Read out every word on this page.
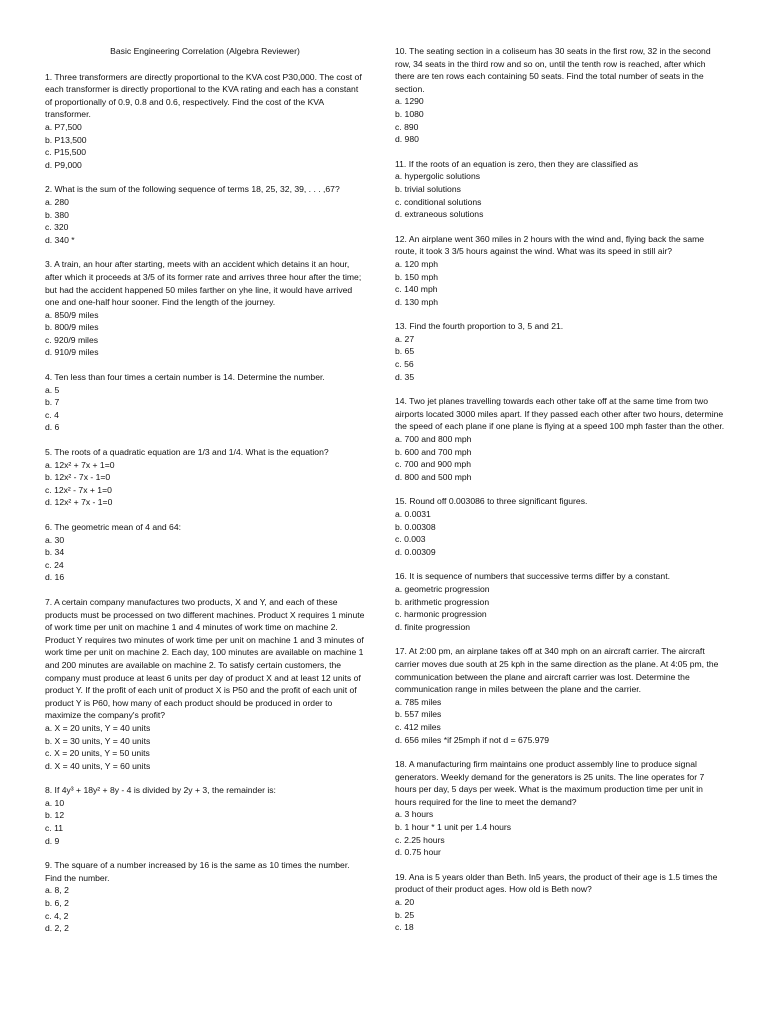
Basic Engineering Correlation (Algebra Reviewer)

1. Three transformers are directly proportional to the KVA cost P30,000. The cost of each transformer is directly proportional to the KVA rating and each has a constant of proportionally of 0.9, 0.8 and 0.6, respectively. Find the cost of the KVA transformer.

a. P7,500
b. P13,500
c. P15,500
d. P9,000

2. What is the sum of the following sequence of terms 18, 25, 32, 39, . . . ,67?

a. 280
b. 380
c. 320
d. 340 *

3. A train, an hour after starting, meets with an accident which detains it an hour, after which it proceeds at 3/5 of its former rate and arrives three hour after the time; but had the accident happened 50 miles farther on yhe line, it would have arrived one and one-half hour sooner. Find the length of the journey.

a. 850/9 miles
b. 800/9 miles
c. 920/9 miles
d. 910/9 miles

4. Ten less than four times a certain number is 14. Determine the number.

a. 5
b. 7
c. 4
d. 6

5. The roots of a quadratic equation are 1/3 and 1/4. What is the equation?

a. 12x² + 7x + 1=0
b. 12x² - 7x - 1=0
c. 12x² - 7x + 1=0
d. 12x² + 7x - 1=0

6. The geometric mean of 4 and 64:

a. 30
b. 34
c. 24
d. 16

7. A certain company manufactures two products, X and Y, and each of these products must be processed on two different machines. Product X requires 1 minute of work time per unit on machine 1 and 4 minutes of work time on machine 2. Product Y requires two minutes of work time per unit on machine 1 and 3 minutes of work time per unit on machine 2. Each day, 100 minutes are available on machine 1 and 200 minutes are available on machine 2. To satisfy certain customers, the company must produce at least 6 units per day of product X and at least 12 units of product Y. If the profit of each unit of product X is P50 and the profit of each unit of product Y is P60, how many of each product should be produced in order to maximize the company's profit?

a. X = 20 units, Y = 40 units
b. X = 30 units, Y = 40 units
c. X = 20 units, Y = 50 units
d. X = 40 units, Y = 60 units

8. If 4y³ + 18y² + 8y - 4 is divided by 2y + 3, the remainder is:

a. 10
b. 12
c. 11
d. 9

9. The square of a number increased by 16 is the same as 10 times the number. Find the number.

a. 8, 2
b. 6, 2
c. 4, 2
d. 2, 2

10. The seating section in a coliseum has 30 seats in the first row, 32 in the second row, 34 seats in the third row and so on, until the tenth row is reached, after which there are ten rows each containing 50 seats. Find the total number of seats in the section.

a. 1290
b. 1080
c. 890
d. 980

11. If the roots of an equation is zero, then they are classified as

a. hypergolic solutions
b. trivial solutions
c. conditional solutions
d. extraneous solutions

12. An airplane went 360 miles in 2 hours with the wind and, flying back the same route, it took 3 3/5 hours against the wind. What was its speed in still air?

a. 120 mph
b. 150 mph
c. 140 mph
d. 130 mph

13. Find the fourth proportion to 3, 5 and 21.

a. 27
b. 65
c. 56
d. 35

14. Two jet planes travelling towards each other take off at the same time from two airports located 3000 miles apart. If they passed each other after two hours, determine the speed of each plane if one plane is flying at a speed 100 mph faster than the other.

a. 700 and 800 mph
b. 600 and 700 mph
c. 700 and 900 mph
d. 800 and 500 mph

15. Round off 0.003086 to three significant figures.

a. 0.0031
b. 0.00308
c. 0.003
d. 0.00309

16. It is sequence of numbers that successive terms differ by a constant.

a. geometric progression
b. arithmetic progression
c. harmonic progression
d. finite progression

17. At 2:00 pm, an airplane takes off at 340 mph on an aircraft carrier. The aircraft carrier moves due south at 25 kph in the same direction as the plane. At 4:05 pm, the communication between the plane and aircraft carrier was lost. Determine the communication range in miles between the plane and the carrier.

a. 785 miles
b. 557 miles
c. 412 miles
d. 656 miles *if 25mph if not d = 675.979

18. A manufacturing firm maintains one product assembly line to produce signal generators. Weekly demand for the generators is 25 units. The line operates for 7 hours per day, 5 days per week. What is the maximum production time per unit in hours required for the line to meet the demand?

a. 3 hours
b. 1 hour * 1 unit per 1.4 hours
c. 2.25 hours
d. 0.75 hour

19. Ana is 5 years older than Beth. In5 years, the product of their age is 1.5 times the product of their product ages. How old is Beth now?

a. 20
b. 25
c. 18
